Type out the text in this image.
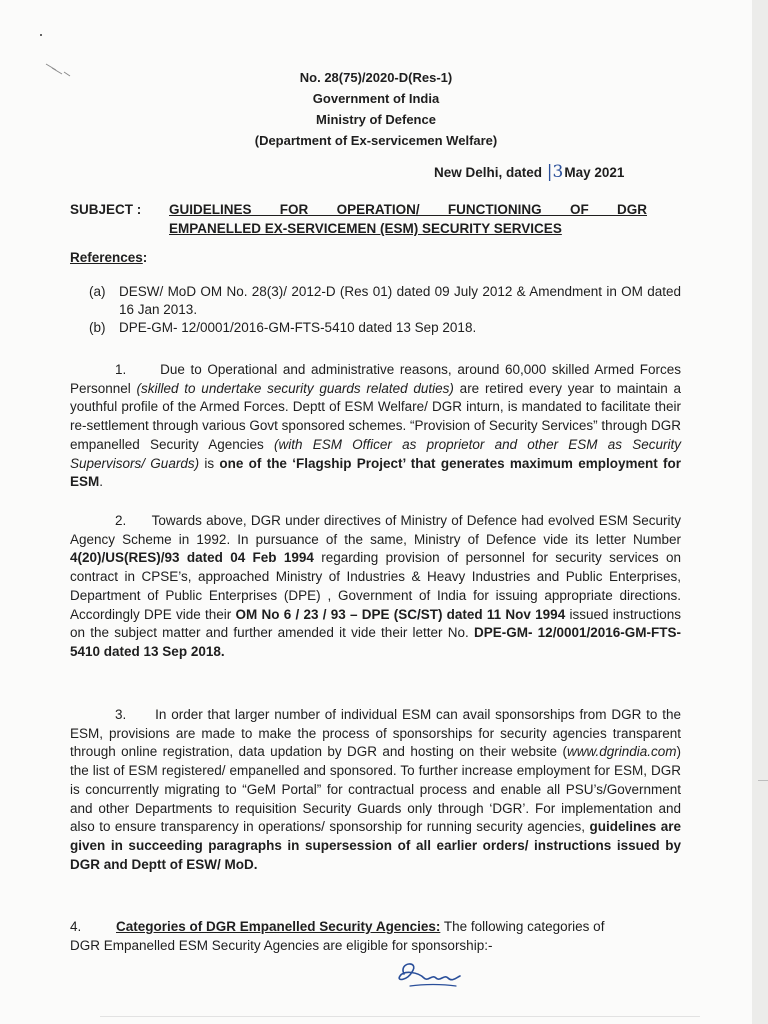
No. 28(75)/2020-D(Res-1)
Government of India
Ministry of Defence
(Department of Ex-servicemen Welfare)
New Delhi, dated |3May 2021
SUBJECT : GUIDELINES FOR OPERATION/ FUNCTIONING OF DGR
EMPANELLED EX-SERVICEMEN (ESM) SECURITY SERVICES
References:
(a) DESW/ MoD OM No. 28(3)/ 2012-D (Res 01) dated 09 July 2012 & Amendment in OM dated 16 Jan 2013.
(b) DPE-GM- 12/0001/2016-GM-FTS-5410 dated 13 Sep 2018.
1.	Due to Operational and administrative reasons, around 60,000 skilled Armed Forces Personnel (skilled to undertake security guards related duties) are retired every year to maintain a youthful profile of the Armed Forces. Deptt of ESM Welfare/ DGR inturn, is mandated to facilitate their re-settlement through various Govt sponsored schemes. “Provision of Security Services” through DGR empanelled Security Agencies (with ESM Officer as proprietor and other ESM as Security Supervisors/ Guards) is one of the ‘Flagship Project’ that generates maximum employment for ESM.
2. Towards above, DGR under directives of Ministry of Defence had evolved ESM Security Agency Scheme in 1992. In pursuance of the same, Ministry of Defence vide its letter Number 4(20)/US(RES)/93 dated 04 Feb 1994 regarding provision of personnel for security services on contract in CPSE’s, approached Ministry of Industries & Heavy Industries and Public Enterprises, Department of Public Enterprises (DPE) , Government of India for issuing appropriate directions. Accordingly DPE vide their OM No 6 / 23 / 93 – DPE (SC/ST) dated 11 Nov 1994 issued instructions on the subject matter and further amended it vide their letter No. DPE-GM- 12/0001/2016-GM-FTS-5410 dated 13 Sep 2018.
3. In order that larger number of individual ESM can avail sponsorships from DGR to the ESM, provisions are made to make the process of sponsorships for security agencies transparent through online registration, data updation by DGR and hosting on their website (www.dgrindia.com) the list of ESM registered/ empanelled and sponsored. To further increase employment for ESM, DGR is concurrently migrating to “GeM Portal” for contractual process and enable all PSU’s/Government and other Departments to requisition Security Guards only through ‘DGR’. For implementation and also to ensure transparency in operations/ sponsorship for running security agencies, guidelines are given in succeeding paragraphs in supersession of all earlier orders/ instructions issued by DGR and Deptt of ESW/ MoD.
4.	Categories of DGR Empanelled Security Agencies: The following categories of
DGR Empanelled ESM Security Agencies are eligible for sponsorship:-
